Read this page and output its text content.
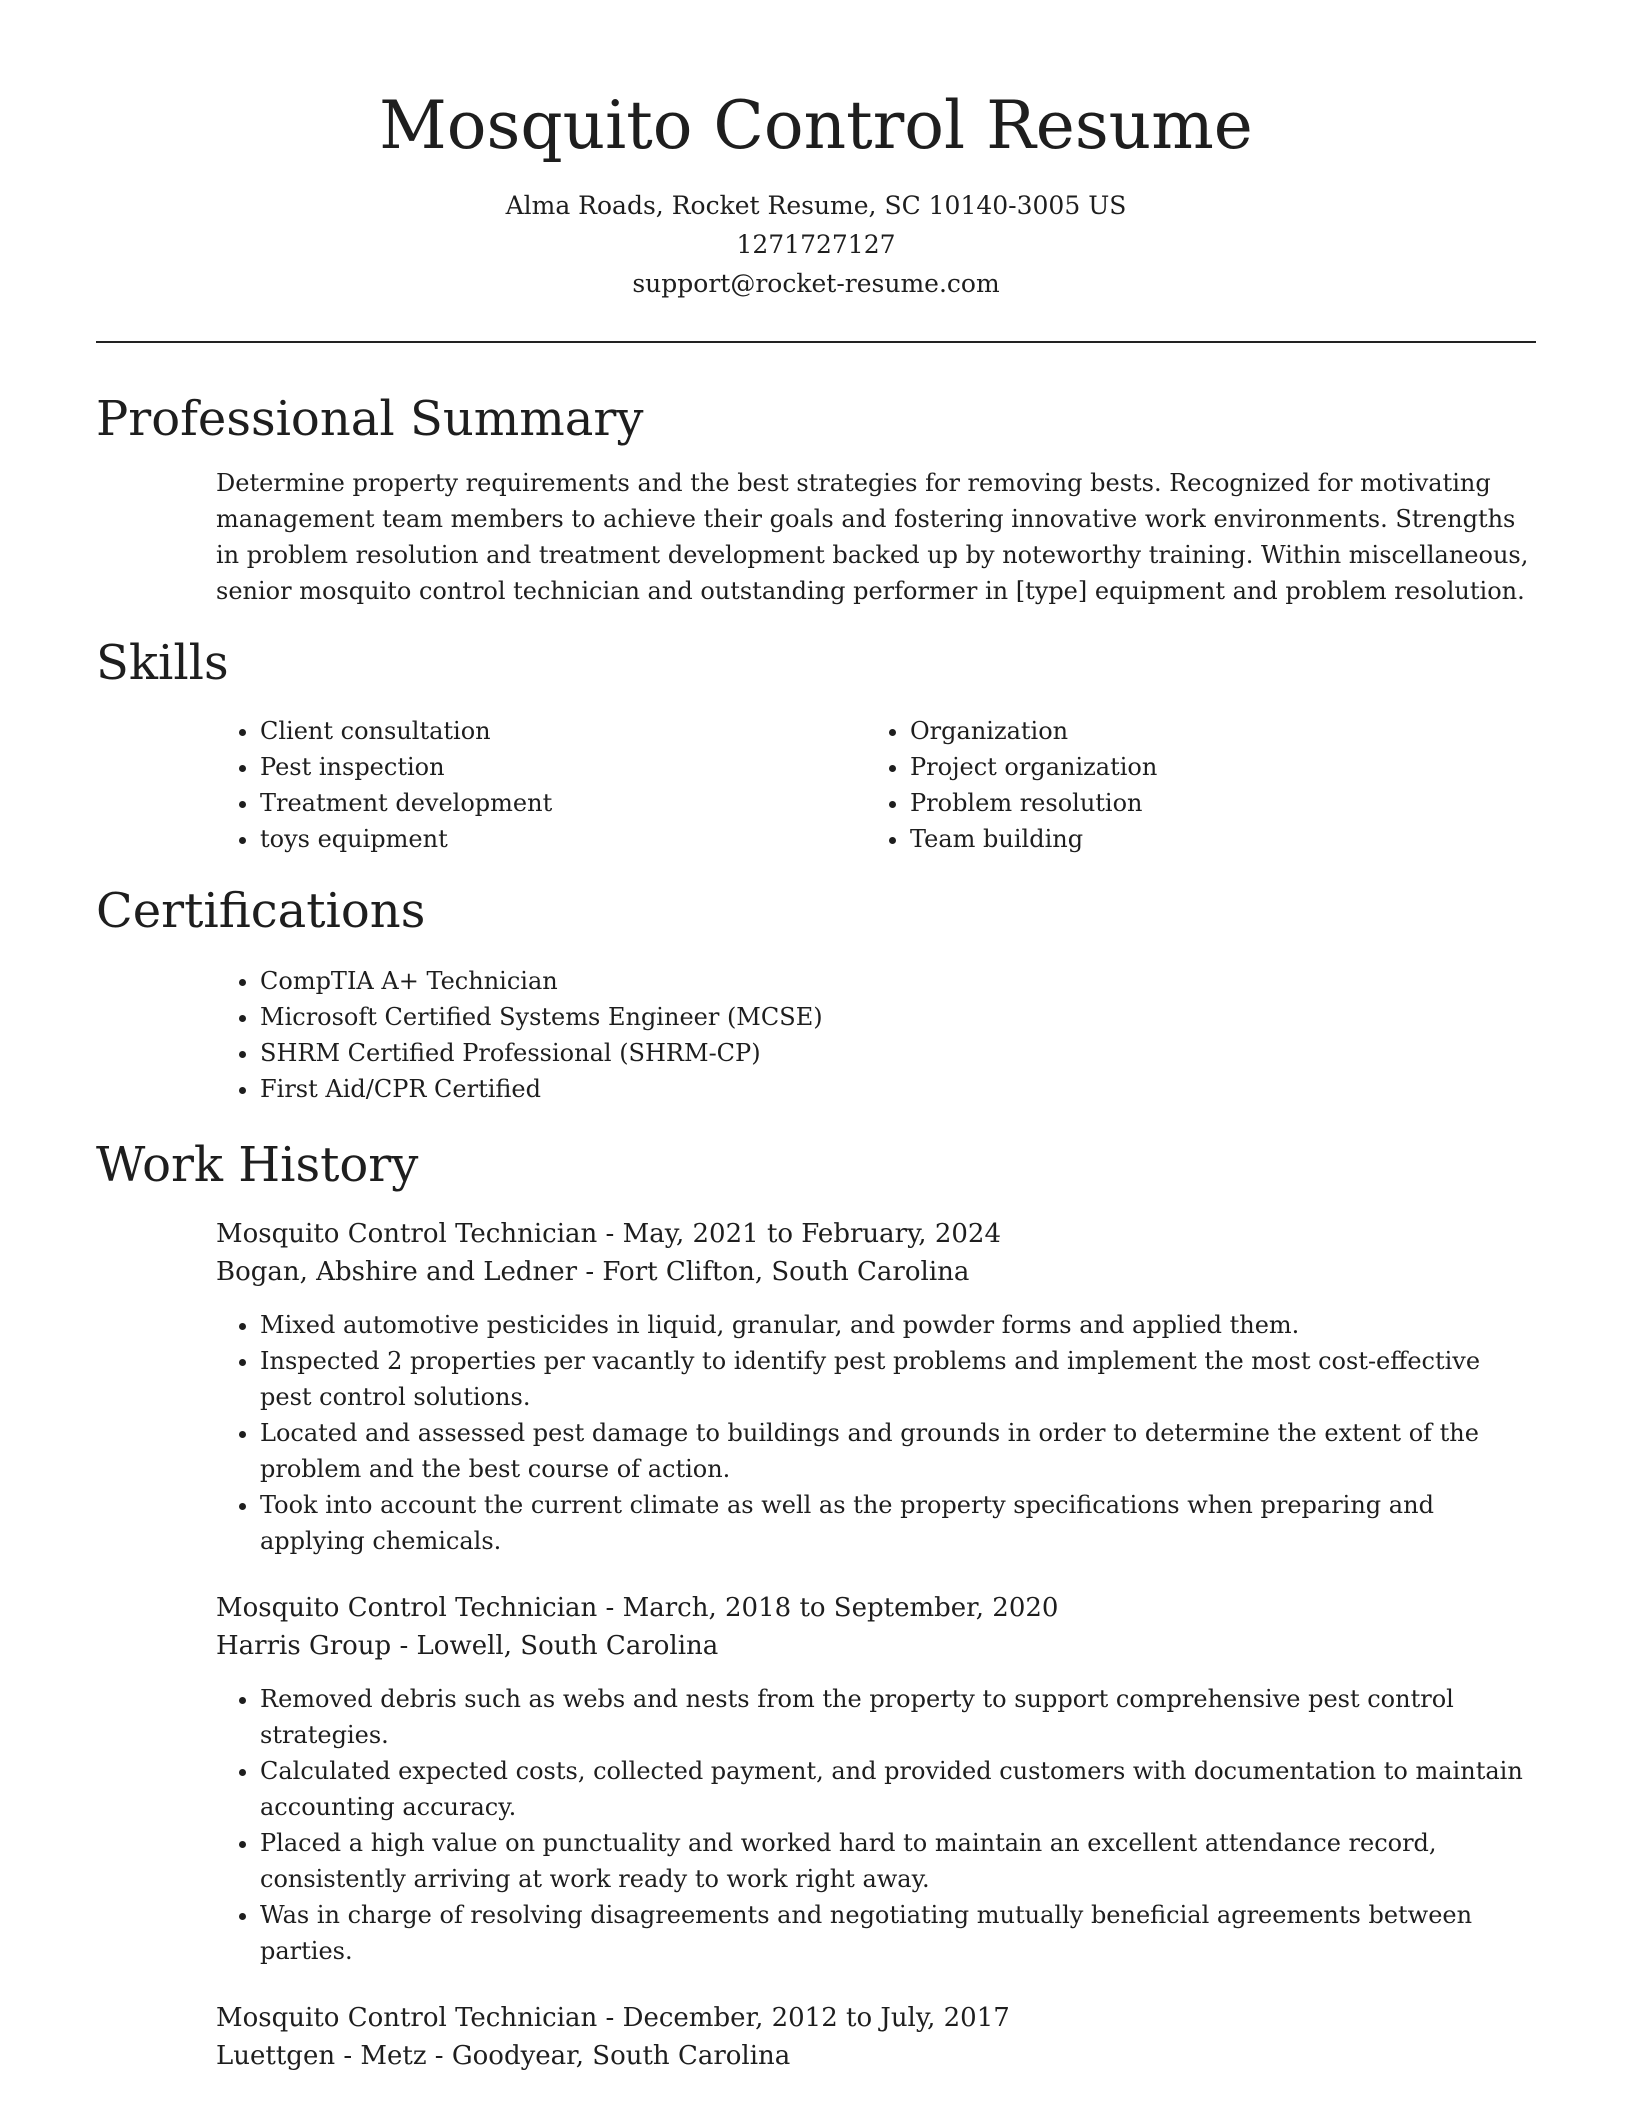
Mosquito Control Resume
Alma Roads, Rocket Resume, SC 10140-3005 US
1271727127
support@rocket-resume.com
Professional Summary

Determine property requirements and the best strategies for removing bests. Recognized for motivating management team members to achieve their goals and fostering innovative work environments. Strengths in problem resolution and treatment development backed up by noteworthy training. Within miscellaneous, senior mosquito control technician and outstanding performer in [type] equipment and problem resolution.

Skills
• Client consultation
• Pest inspection
• Treatment development
• toys equipment
• Organization
• Project organization
• Problem resolution
• Team building
Certifications
• CompTIA A+ Technician
• Microsoft Certified Systems Engineer (MCSE)
• SHRM Certified Professional (SHRM-CP)
• First Aid/CPR Certified
Work History
Mosquito Control Technician - May, 2021 to February, 2024
Bogan, Abshire and Ledner - Fort Clifton, South Carolina
• Mixed automotive pesticides in liquid, granular, and powder forms and applied them.
• Inspected 2 properties per vacantly to identify pest problems and implement the most cost-effective pest control solutions.
• Located and assessed pest damage to buildings and grounds in order to determine the extent of the problem and the best course of action.
• Took into account the current climate as well as the property specifications when preparing and applying chemicals.
Mosquito Control Technician - March, 2018 to September, 2020
Harris Group - Lowell, South Carolina
• Removed debris such as webs and nests from the property to support comprehensive pest control strategies.
• Calculated expected costs, collected payment, and provided customers with documentation to maintain accounting accuracy.
• Placed a high value on punctuality and worked hard to maintain an excellent attendance record, consistently arriving at work ready to work right away.
• Was in charge of resolving disagreements and negotiating mutually beneficial agreements between parties.
Mosquito Control Technician - December, 2012 to July, 2017
Luettgen - Metz - Goodyear, South Carolina
